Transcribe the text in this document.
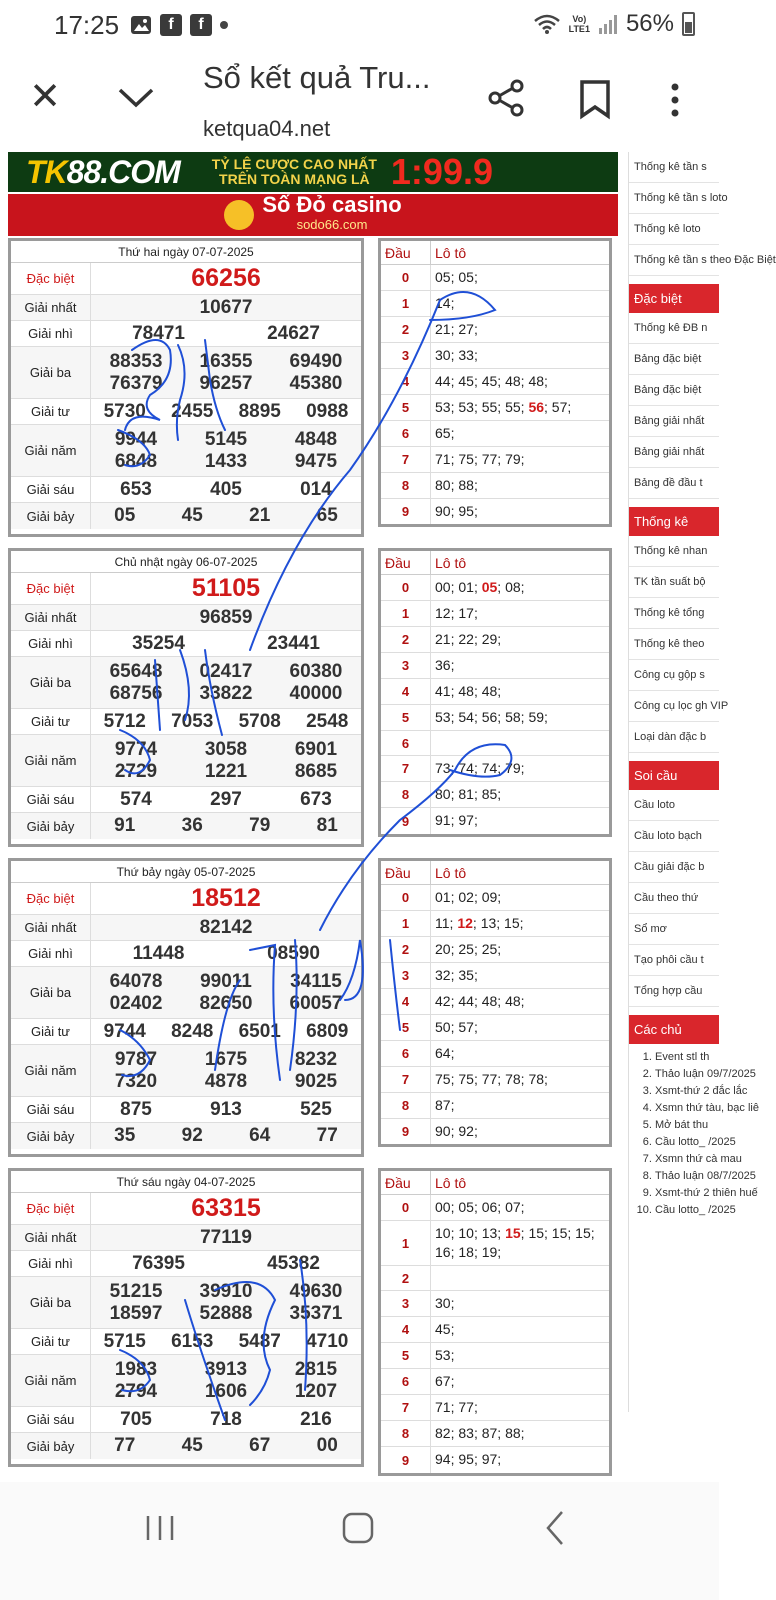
17:25	f	f	Vo)
LTE1 56%
✕	Sổ kết quả Tru...
ketqua04.net
TK88.COM TỶ LỆ CƯỢC CAO NHẤT
TRÊN TOÀN MẠNG LÀ 1:99.9
Số Đỏ casino
sodo66.com
Thứ hai ngày 07-07-2025
Đặc biệt	66256
Giải nhất	10677
Giải nhì	78471	24627
Giải ba
88353	16355	69490
76379	96257	45380
Giải tư	5730	2455	8895	0988
Giải năm
9944	5145	4848
6848	1433	9475
Giải sáu	653	405	014
Giải bảy	05	45	21	65
Chủ nhật ngày 06-07-2025
Đặc biệt	51105
Giải nhất	96859
Giải nhì	35254	23441
Giải ba
65648	02417	60380
68756	33822	40000
Giải tư	5712	7053	5708	2548
Giải năm
9774	3058	6901
2729	1221	8685
Giải sáu	574	297	673
Giải bảy	91	36	79	81
Thứ bảy ngày 05-07-2025
Đặc biệt	18512
Giải nhất	82142
Giải nhì	11448	08590
Giải ba
64078	99011	34115
02402	82650	60057
Giải tư	9744	8248	6501	6809
Giải năm
9787	1675	8232
7320	4878	9025
Giải sáu	875	913	525
Giải bảy	35	92	64	77
Thứ sáu ngày 04-07-2025
Đặc biệt	63315
Giải nhất	77119
Giải nhì	76395	45382
Giải ba
51215	39910	49630
18597	52888	35371
Giải tư	5715	6153	5487	4710
Giải năm
1983	3913	2815
2794	1606	1207
Giải sáu	705	718	216
Giải bảy	77	45	67	00
Đầu	Lô tô
0	05; 05;
1	14;
2	21; 27;
3	30; 33;
4	44; 45; 45; 48; 48;
5	53; 53; 55; 55; 56; 57;
6	65;
7	71; 75; 77; 79;
8	80; 88;
9	90; 95;
Đầu	Lô tô
0	00; 01; 05; 08;
1	12; 17;
2	21; 22; 29;
3	36;
4	41; 48; 48;
5	53; 54; 56; 58; 59;
6
7	73; 74; 74; 79;
8	80; 81; 85;
9	91; 97;
Đầu	Lô tô
0	01; 02; 09;
1	11; 12; 13; 15;
2	20; 25; 25;
3	32; 35;
4	42; 44; 48; 48;
5	50; 57;
6	64;
7	75; 75; 77; 78; 78;
8	87;
9	90; 92;
Đầu	Lô tô
0	00; 05; 06; 07;
1
10; 10; 13; 15; 15; 15; 15; 16; 18; 19;
2
3	30;
4	45;
5	53;
6	67;
7	71; 77;
8	82; 83; 87; 88;
9	94; 95; 97;
Thống kê tần s
Thống kê tần s loto
Thống kê loto
Thống kê tần s theo Đặc Biệt
Đặc biệt
Thống kê ĐB n
Bảng đặc biệt
Bảng đặc biệt
Bảng giải nhất
Bảng giải nhất
Bảng đề đầu t
Thống kê
Thống kê nhan
TK tần suất bộ
Thống kê tổng
Thống kê theo
Công cụ gộp s
Công cụ lọc gh VIP
Loại dàn đặc b
Soi cầu
Cầu loto
Cầu loto bạch
Cầu giải đặc b
Cầu theo thứ
Sổ mơ
Tạo phôi cầu t
Tổng hợp cầu
Các chủ
1. Event stl th
2. Thảo luận 09/7/2025
3. Xsmt-thứ 2 đắc lắc
4. Xsmn thứ tàu, bạc liê
5. Mở bát thu
6. Cầu lotto_ /2025
7. Xsmn thứ cà mau
8. Thảo luận 08/7/2025
9. Xsmt-thứ 2 thiên huế
10. Cầu lotto_ /2025
